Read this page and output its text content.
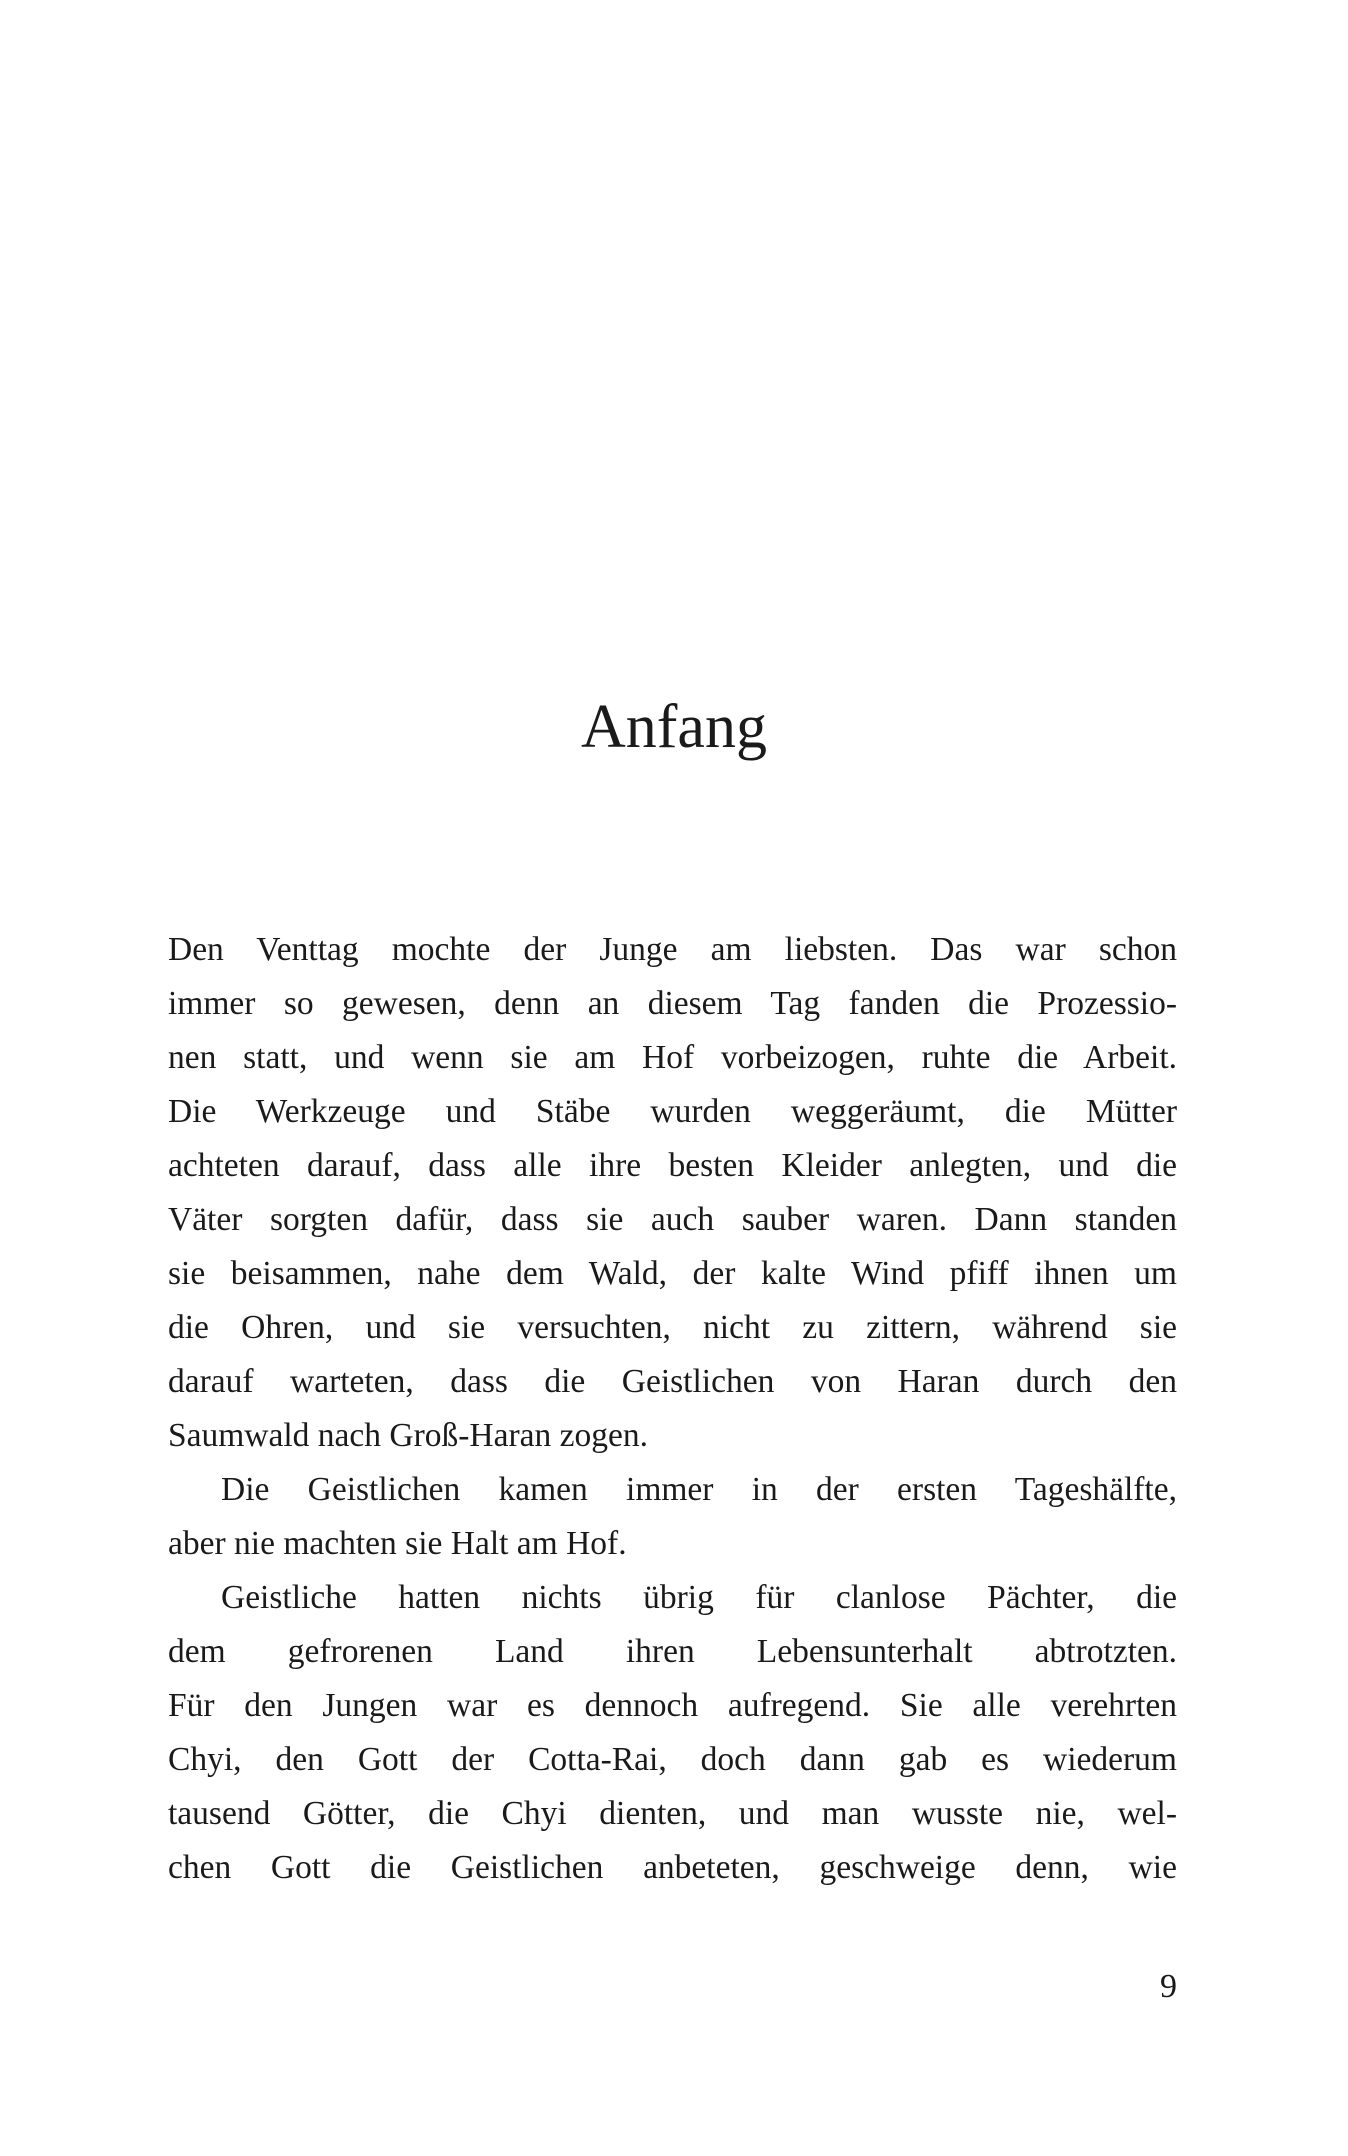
Anfang
Den Venttag mochte der Junge am liebsten. Das war schon
immer so gewesen, denn an diesem Tag fanden die Prozessio-
nen statt, und wenn sie am Hof vorbeizogen, ruhte die Arbeit.
Die Werkzeuge und Stäbe wurden weggeräumt, die Mütter
achteten darauf, dass alle ihre besten Kleider anlegten, und die
Väter sorgten dafür, dass sie auch sauber waren. Dann standen
sie beisammen, nahe dem Wald, der kalte Wind pfiff ihnen um
die Ohren, und sie versuchten, nicht zu zittern, während sie
darauf warteten, dass die Geistlichen von Haran durch den
Saumwald nach Groß-Haran zogen.
Die Geistlichen kamen immer in der ersten Tageshälfte,
aber nie machten sie Halt am Hof.
Geistliche hatten nichts übrig für clanlose Pächter, die
dem gefrorenen Land ihren Lebensunterhalt abtrotzten.
Für den Jungen war es dennoch aufregend. Sie alle verehrten
Chyi, den Gott der Cotta-Rai, doch dann gab es wiederum
tausend Götter, die Chyi dienten, und man wusste nie, wel-
chen Gott die Geistlichen anbeteten, geschweige denn, wie
9
